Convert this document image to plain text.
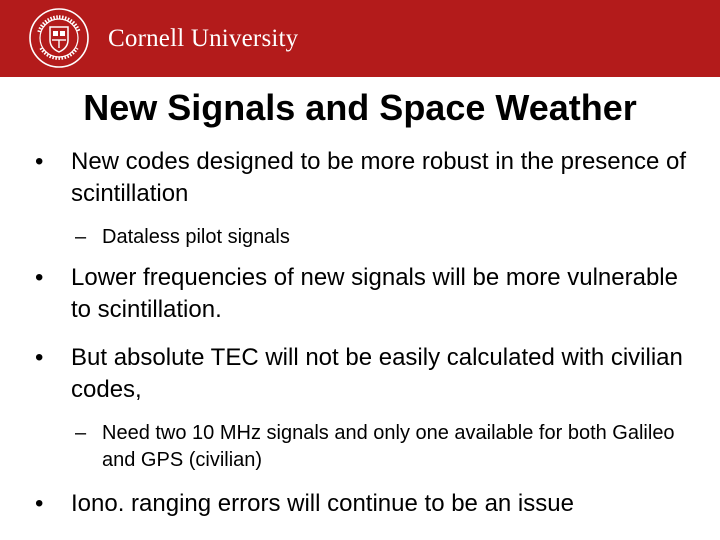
Cornell University
New Signals and Space Weather
•	New codes designed to be more robust in the presence of scintillation
– Dataless pilot signals
•	Lower frequencies of new signals will be more vulnerable to scintillation.
•	But absolute TEC will not be easily calculated with civilian codes,
– Need two 10 MHz signals and only one available for both Galileo and GPS (civilian)
•	Iono. ranging errors will continue to be an issue
